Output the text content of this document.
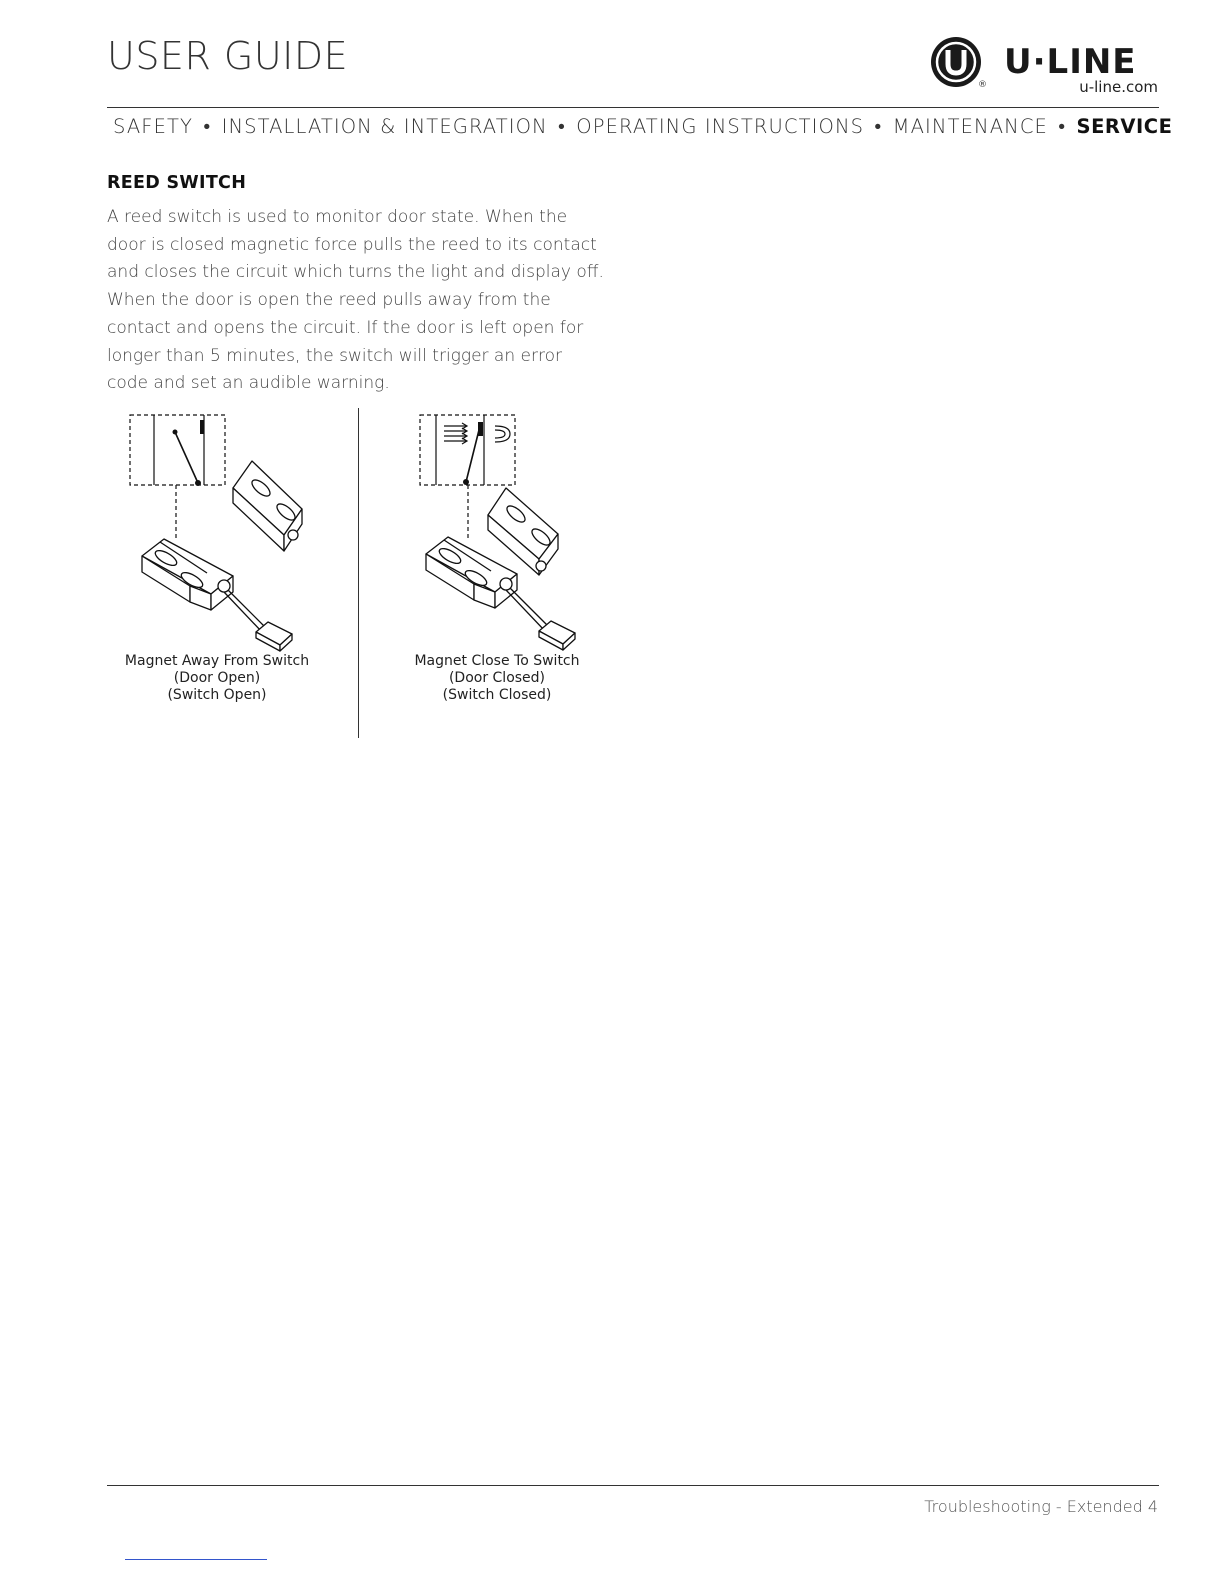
USER GUIDE
®
U·LINE
u-line.com
SAFETY • INSTALLATION & INTEGRATION • OPERATING INSTRUCTIONS • MAINTENANCE • SERVICE
REED SWITCH

A reed switch is used to monitor door state. When the door is closed magnetic force pulls the reed to its contact and closes the circuit which turns the light and display off. When the door is open the reed pulls away from the contact and opens the circuit. If the door is left open for longer than 5 minutes, the switch will trigger an error code and set an audible warning.

Magnet Away From Switch
(Door Open)
(Switch Open)
Magnet Close To Switch
(Door Closed)
(Switch Closed)
Troubleshooting - Extended 4
